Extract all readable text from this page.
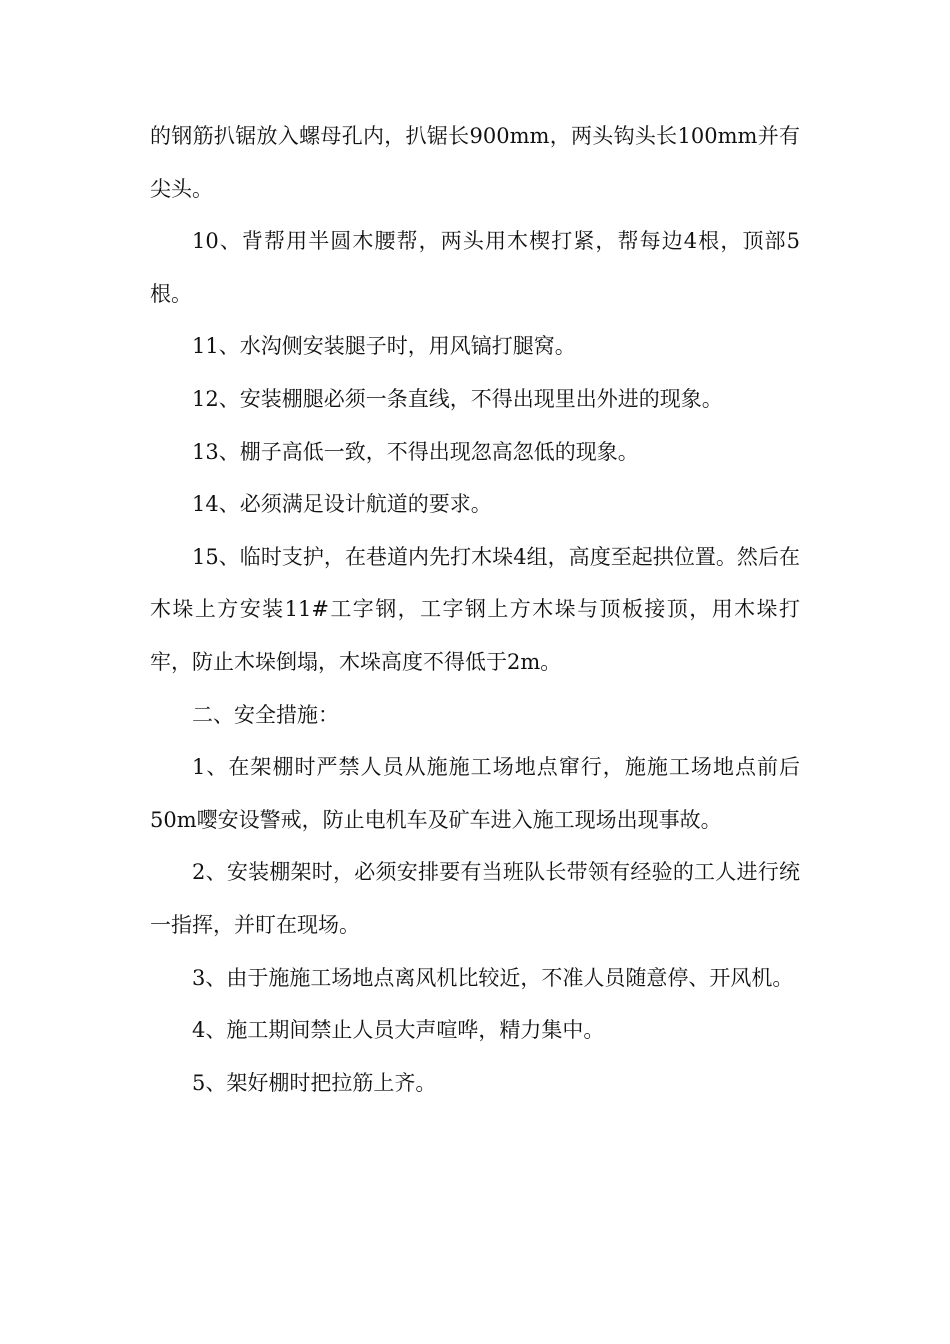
的钢筋扒锯放入螺母孔内，扒锯长900mm，两头钩头长100mm并有尖头。

10、背帮用半圆木腰帮，两头用木楔打紧，帮每边4根，顶部5根。

11、水沟侧安装腿子时，用风镐打腿窝。

12、安装棚腿必须一条直线，不得出现里出外进的现象。

13、棚子高低一致，不得出现忽高忽低的现象。

14、必须满足设计航道的要求。

15、临时支护，在巷道内先打木垛4组，高度至起拱位置。然后在木垛上方安装11#工字钢，工字钢上方木垛与顶板接顶，用木垛打牢，防止木垛倒塌，木垛高度不得低于2m。

二、安全措施：

1、在架棚时严禁人员从施施工场地点窜行，施施工场地点前后50m嘤安设警戒，防止电机车及矿车进入施工现场出现事故。

2、安装棚架时，必须安排要有当班队长带领有经验的工人进行统一指挥，并盯在现场。

3、由于施施工场地点离风机比较近，不准人员随意停、开风机。

4、施工期间禁止人员大声喧哗，精力集中。

5、架好棚时把拉筋上齐。
